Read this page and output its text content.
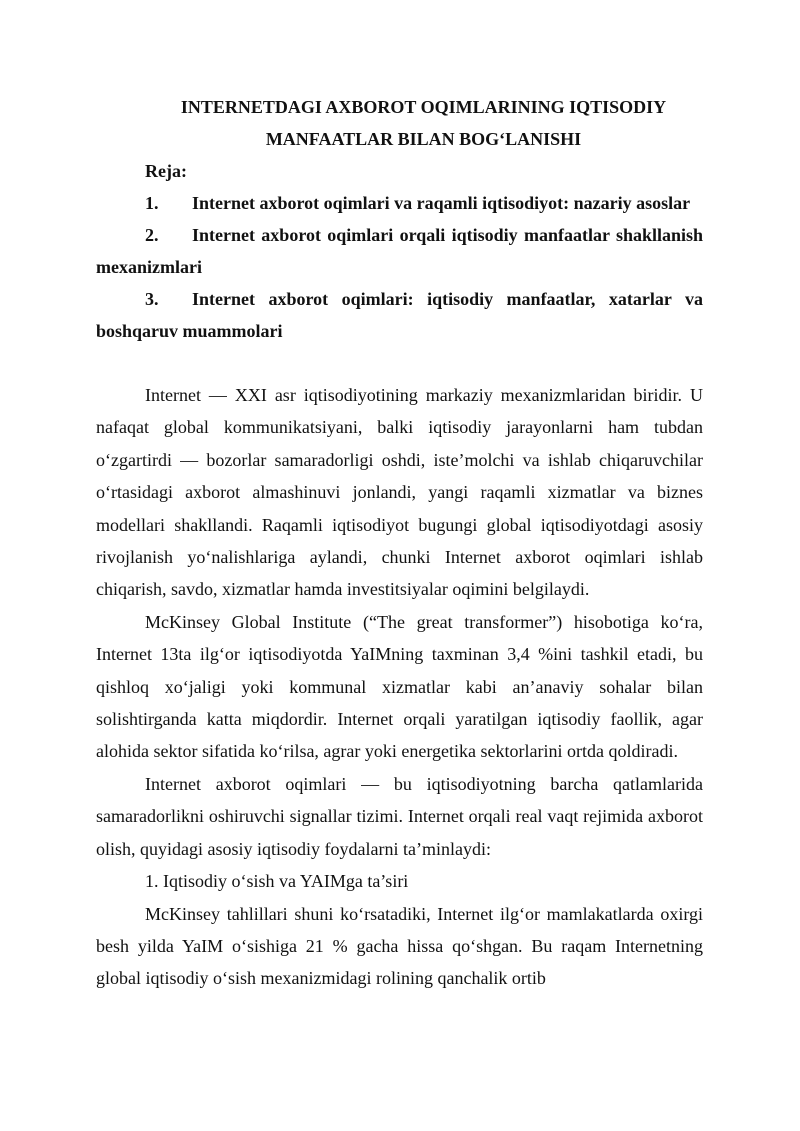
INTERNETDAGI AXBOROT OQIMLARINING IQTISODIY
MANFAATLAR BILAN BOG‘LANISHI

Reja:

1. Internet axborot oqimlari va raqamli iqtisodiyot: nazariy asoslar

2. Internet axborot oqimlari orqali iqtisodiy manfaatlar shakllanish mexanizmlari

3. Internet axborot oqimlari: iqtisodiy manfaatlar, xatarlar va boshqaruv muammolari

Internet — XXI asr iqtisodiyotining markaziy mexanizmlaridan biridir. U nafaqat global kommunikatsiyani, balki iqtisodiy jarayonlarni ham tubdan o‘zgartirdi — bozorlar samaradorligi oshdi, iste’molchi va ishlab chiqaruvchilar o‘rtasidagi axborot almashinuvi jonlandi, yangi raqamli xizmatlar va biznes modellari shakllandi. Raqamli iqtisodiyot bugungi global iqtisodiyotdagi asosiy rivojlanish yo‘nalishlariga aylandi, chunki Internet axborot oqimlari ishlab chiqarish, savdo, xizmatlar hamda investitsiyalar oqimini belgilaydi.

McKinsey Global Institute (“The great transformer”) hisobotiga ko‘ra, Internet 13ta ilg‘or iqtisodiyotda YaIMning taxminan 3,4 %ini tashkil etadi, bu qishloq xo‘jaligi yoki kommunal xizmatlar kabi an’anaviy sohalar bilan solishtirganda katta miqdordir. Internet orqali yaratilgan iqtisodiy faollik, agar alohida sektor sifatida ko‘rilsa, agrar yoki energetika sektorlarini ortda qoldiradi.

Internet axborot oqimlari — bu iqtisodiyotning barcha qatlamlarida samaradorlikni oshiruvchi signallar tizimi. Internet orqali real vaqt rejimida axborot olish, quyidagi asosiy iqtisodiy foydalarni ta’minlaydi:

1. Iqtisodiy o‘sish va YAIMga ta’siri

McKinsey tahlillari shuni ko‘rsatadiki, Internet ilg‘or mamlakatlarda oxirgi besh yilda YaIM o‘sishiga 21 % gacha hissa qo‘shgan. Bu raqam Internetning global iqtisodiy o‘sish mexanizmidagi rolining qanchalik ortib
